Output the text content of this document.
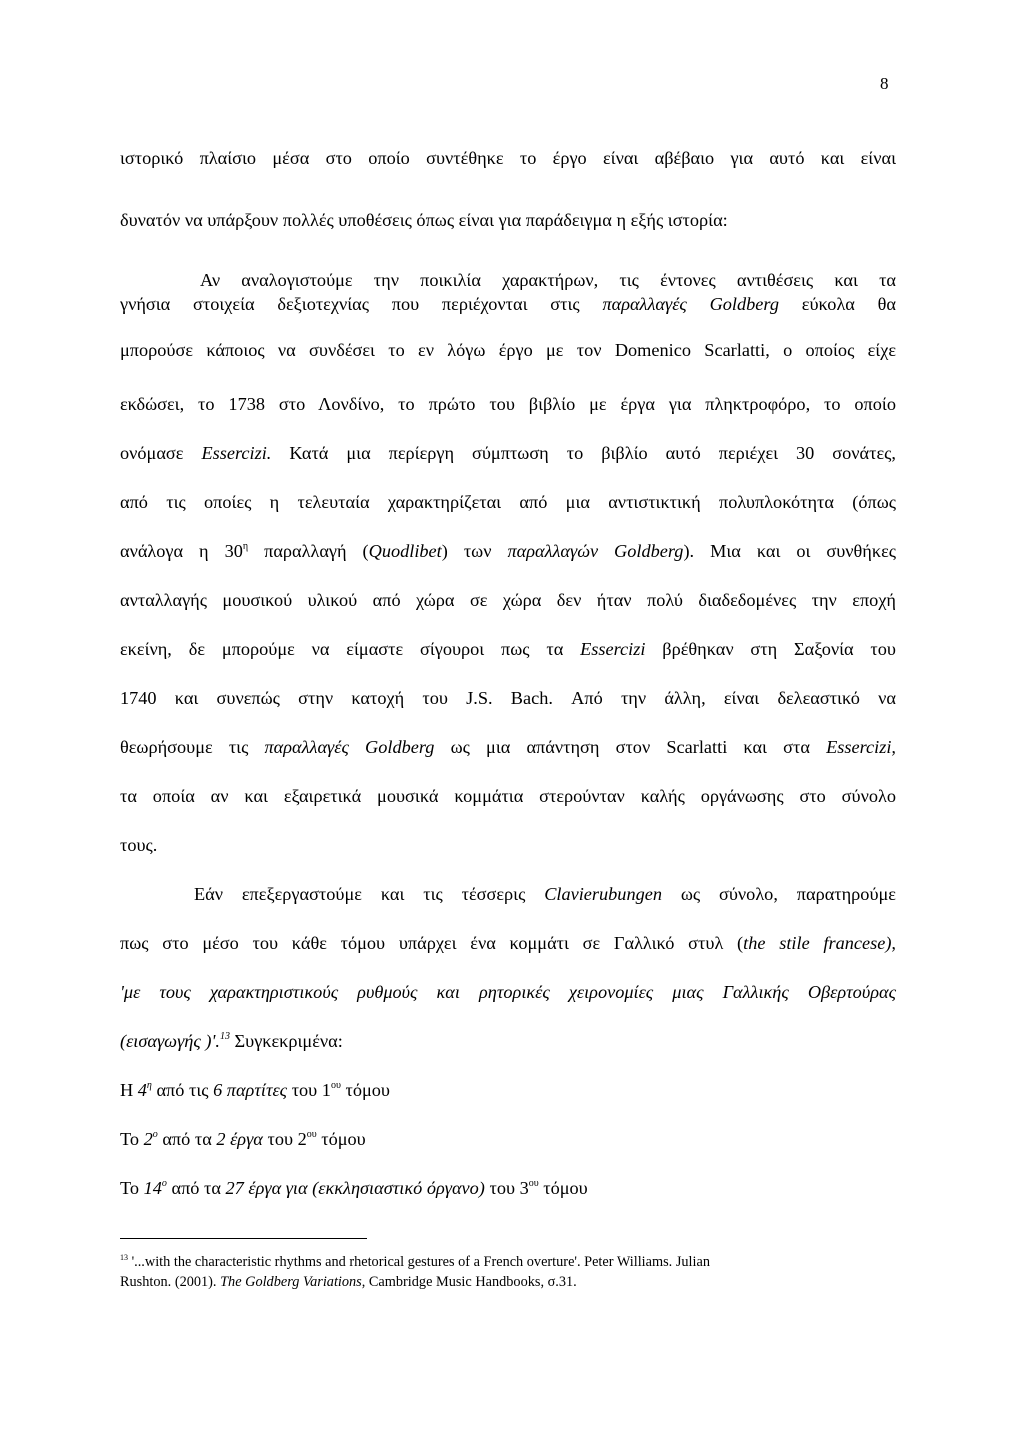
8
ιστορικό πλαίσιο μέσα στο οποίο συντέθηκε το έργο είναι αβέβαιο για αυτό και είναι
δυνατόν να υπάρξουν πολλές υποθέσεις όπως είναι για παράδειγμα η εξής ιστορία:
Αν αναλογιστούμε την ποικιλία χαρακτήρων, τις έντονες αντιθέσεις και τα
γνήσια στοιχεία δεξιοτεχνίας που περιέχονται στις παραλλαγές Goldberg εύκολα θα
μπορούσε κάποιος να συνδέσει το εν λόγω έργο με τον Domenico Scarlatti, ο οποίος είχε
εκδώσει, το 1738 στο Λονδίνο, το πρώτο του βιβλίο με έργα για πληκτροφόρο, το οποίο
ονόμασε Essercizi. Κατά μια περίεργη σύμπτωση το βιβλίο αυτό περιέχει 30 σονάτες,
από τις οποίες η τελευταία χαρακτηρίζεται από μια αντιστικτική πολυπλοκότητα (όπως
ανάλογα η $30^\eta$ παραλλαγή (Quodlibet) των παραλλαγών Goldberg). Μια και οι συνθήκες
ανταλλαγής μουσικού υλικού από χώρα σε χώρα δεν ήταν πολύ διαδεδομένες την εποχή
εκείνη, δε μπορούμε να είμαστε σίγουροι πως τα Essercizi βρέθηκαν στη Σαξονία του
1740 και συνεπώς στην κατοχή του J.S. Bach. Από την άλλη, είναι δελεαστικό να
θεωρήσουμε τις παραλλαγές Goldberg ως μια απάντηση στον Scarlatti και στα Essercizi,
τα οποία αν και εξαιρετικά μουσικά κομμάτια στερούνταν καλής οργάνωσης στο σύνολο
τους.
Εάν επεξεργαστούμε και τις τέσσερις Clavierubungen ως σύνολο, παρατηρούμε
πως στο μέσο του κάθε τόμου υπάρχει ένα κομμάτι σε Γαλλικό στυλ (the stile francese),
'με τους χαρακτηριστικούς ρυθμούς και ρητορικές χειρονομίες μιας Γαλλικής Οβερτούρας
(εισαγωγής )'.$^{13}$ Συγκεκριμένα:
Η $4^\eta$ από τις 6 παρτίτες του $1^{o\upsilon}$ τόμου
Το $2^o$ από τα 2 έργα του $2^{o\upsilon}$ τόμου
Το $14^o$ από τα 27 έργα για (εκκλησιαστικό όργανο) του $3^{o\upsilon}$ τόμου
$^{13}$ '...with the characteristic rhythms and rhetorical gestures of a French overture'. Peter Williams. Julian
Rushton. (2001). The Goldberg Variations, Cambridge Music Handbooks, σ.31.
